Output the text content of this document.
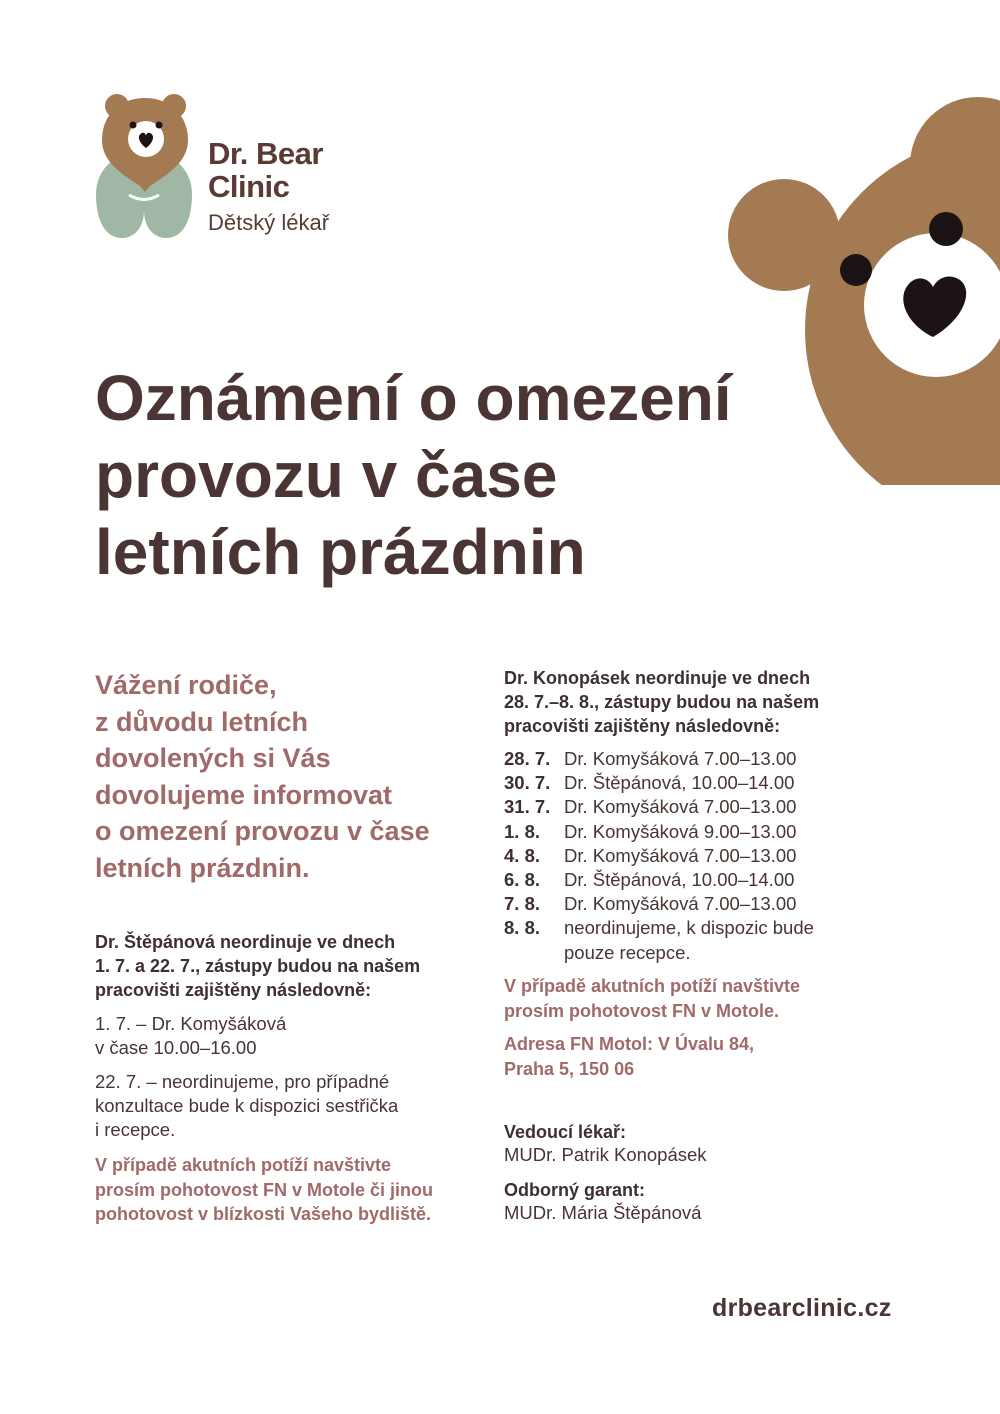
Dr. Bear
Clinic
Dětský lékař
Oznámení o omezení
provozu v čase
letních prázdnin
Vážení rodiče,
z důvodu letních
dovolených si Vás
dovolujeme informovat
o omezení provozu v čase
letních prázdnin.
Dr. Štěpánová neordinuje ve dnech
1. 7. a 22. 7., zástupy budou na našem
pracovišti zajištěny následovně:
1. 7. – Dr. Komyšáková
v čase 10.00–16.00
22. 7. – neordinujeme, pro případné
konzultace bude k dispozici sestřička
i recepce.
V případě akutních potíží navštivte
prosím pohotovost FN v Motole či jinou
pohotovost v blízkosti Vašeho bydliště.
Dr. Konopásek neordinuje ve dnech
28. 7.–8. 8., zástupy budou na našem
pracovišti zajištěny následovně:
28. 7. Dr. Komyšáková 7.00–13.00
30. 7. Dr. Štěpánová, 10.00–14.00
31. 7. Dr. Komyšáková 7.00–13.00
1. 8.	Dr. Komyšáková 9.00–13.00
4. 8.	Dr. Komyšáková 7.00–13.00
6. 8.	Dr. Štěpánová, 10.00–14.00
7. 8.	Dr. Komyšáková 7.00–13.00
8. 8.	neordinujeme, k dispozic bude pouze recepce.
V případě akutních potíží navštivte
prosím pohotovost FN v Motole.
Adresa FN Motol: V Úvalu 84,
Praha 5, 150 06
Vedoucí lékař:
MUDr. Patrik Konopásek
Odborný garant:
MUDr. Mária Štěpánová
drbearclinic.cz
